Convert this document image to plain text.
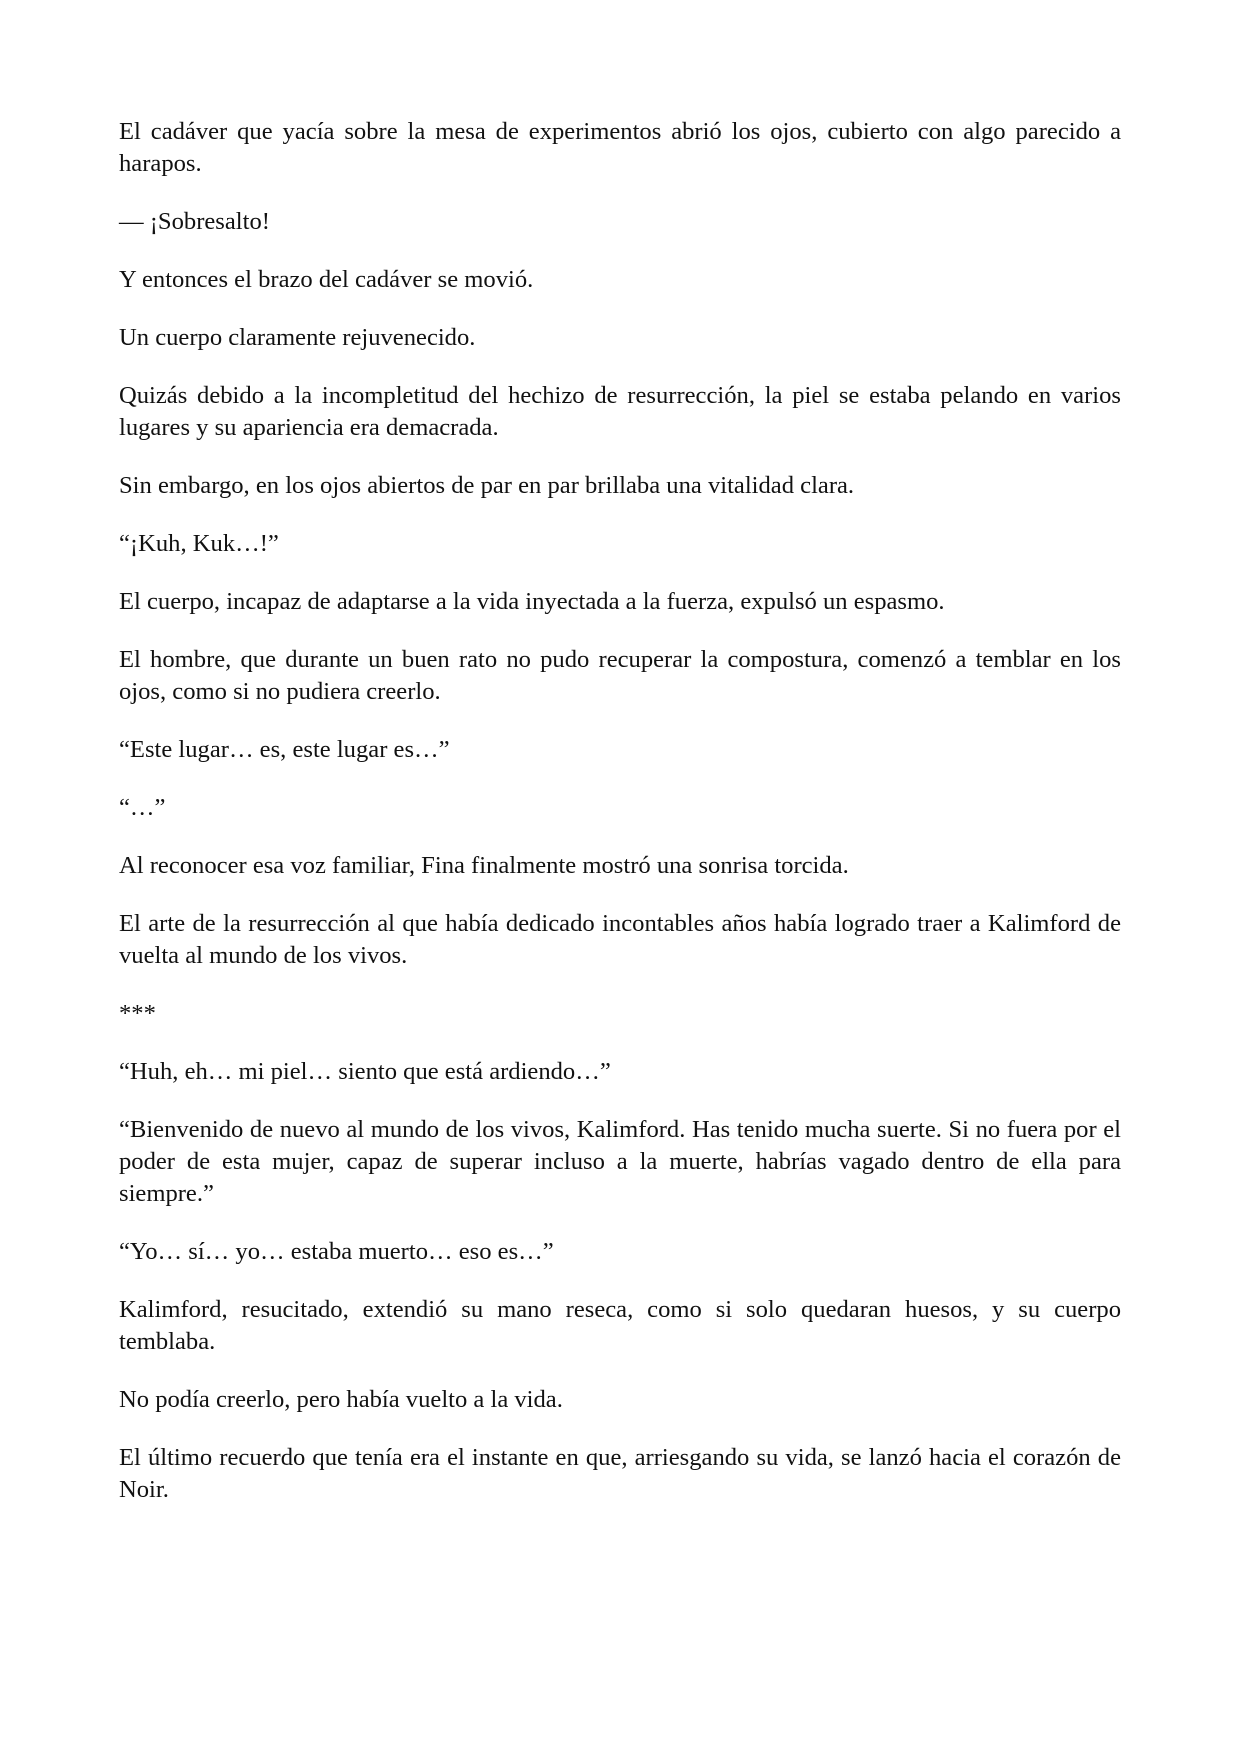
El cadáver que yacía sobre la mesa de experimentos abrió los ojos, cubierto con algo parecido a harapos.

— ¡Sobresalto!

Y entonces el brazo del cadáver se movió.

Un cuerpo claramente rejuvenecido.

Quizás debido a la incompletitud del hechizo de resurrección, la piel se estaba pelando en varios lugares y su apariencia era demacrada.

Sin embargo, en los ojos abiertos de par en par brillaba una vitalidad clara.

“¡Kuh, Kuk…!”

El cuerpo, incapaz de adaptarse a la vida inyectada a la fuerza, expulsó un espasmo.

El hombre, que durante un buen rato no pudo recuperar la compostura, comenzó a temblar en los ojos, como si no pudiera creerlo.

“Este lugar… es, este lugar es…”

“…”

Al reconocer esa voz familiar, Fina finalmente mostró una sonrisa torcida.

El arte de la resurrección al que había dedicado incontables años había logrado traer a Kalimford de vuelta al mundo de los vivos.

***

“Huh, eh… mi piel… siento que está ardiendo…”

“Bienvenido de nuevo al mundo de los vivos, Kalimford. Has tenido mucha suerte. Si no fuera por el poder de esta mujer, capaz de superar incluso a la muerte, habrías vagado dentro de ella para siempre.”

“Yo… sí… yo… estaba muerto… eso es…”

Kalimford, resucitado, extendió su mano reseca, como si solo quedaran huesos, y su cuerpo temblaba.

No podía creerlo, pero había vuelto a la vida.

El último recuerdo que tenía era el instante en que, arriesgando su vida, se lanzó hacia el corazón de Noir.
